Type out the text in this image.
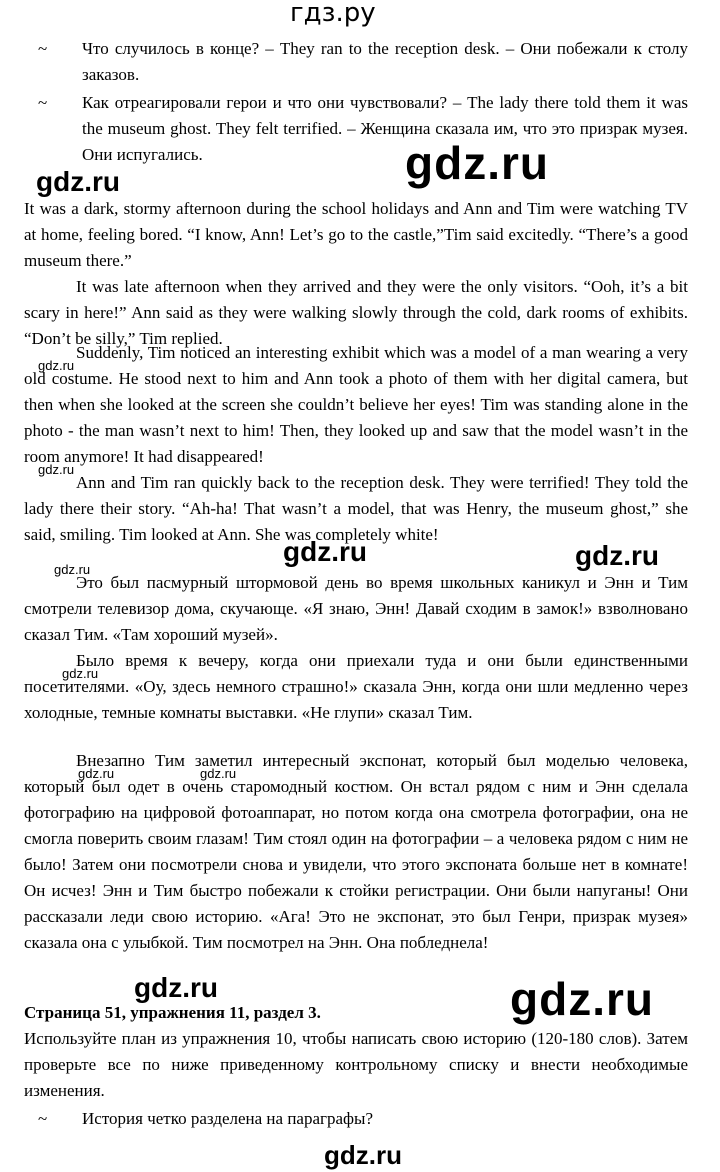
гдз.ру
~ Что случилось в конце? – They ran to the reception desk. – Они побежали к столу заказов.

~ Как отреагировали герои и что они чувствовали? – The lady there told them it was the museum ghost. They felt terrified. – Женщина сказала им, что это призрак музея. Они испугались.	gdz.ru
gdz.ru

It was a dark, stormy afternoon during the school holidays and Ann and Tim were watching TV at home, feeling bored. “I know, Ann! Let’s go to the castle,”Tim said excitedly. “There’s a good museum there.”

It was late afternoon when they arrived and they were the only visitors. “Ooh, it’s a bit scary in here!” Ann said as they were walking slowly through the cold, dark rooms of exhibits. “Don’t be silly,” Tim replied.

gdz.ru

Suddenly, Tim noticed an interesting exhibit which was a model of a man wearing a very old costume. He stood next to him and Ann took a photo of them with her digital camera, but then when she looked at the screen she couldn’t believe her eyes! Tim was standing alone in the photo - the man wasn’t next to him! Then, they looked up and saw that the model wasn’t in the room anymore! It had disappeared!

gdz.ru

Ann and Tim ran quickly back to the reception desk. They were terrified! They told the lady there their story. “Ah-ha! That wasn’t a model, that was Henry, the museum ghost,” she said, smiling. Tim looked at Ann. She was completely white!

gdz.ru	gdz.ru
gdz.ru

Это был пасмурный штормовой день во время школьных каникул и Энн и Тим смотрели телевизор дома, скучающе. «Я знаю, Энн! Давай сходим в замок!» взволновано сказал Тим. «Там хороший музей».

gdz.ru

Было время к вечеру, когда они приехали туда и они были единственными посетителями. «Оу, здесь немного страшно!» сказала Энн, когда они шли медленно через холодные, темные комнаты выставки. «Не глупи» сказал Тим.

gdz.ru	gdz.ru

Внезапно Тим заметил интересный экспонат, который был моделью человека, который был одет в очень старомодный костюм. Он встал рядом с ним и Энн сделала фотографию на цифровой фотоаппарат, но потом когда она смотрела фотографии, она не смогла поверить своим глазам! Тим стоял один на фотографии – а человека рядом с ним не было! Затем они посмотрели снова и увидели, что этого экспоната больше нет в комнате! Он исчез! Энн и Тим быстро побежали к стойки регистрации. Они были напуганы! Они рассказали леди свою историю. «Ага! Это не экспонат, это был Генри, призрак музея» сказала она с улыбкой. Тим посмотрел на Энн. Она побледнела!

gdz.ru	gdz.ru

Страница 51, упражнения 11, раздел 3.

Используйте план из упражнения 10, чтобы написать свою историю (120-180 слов). Затем проверьте все по ниже приведенному контрольному списку и внести необходимые изменения.

~ История четко разделена на параграфы?

gdz.ru
